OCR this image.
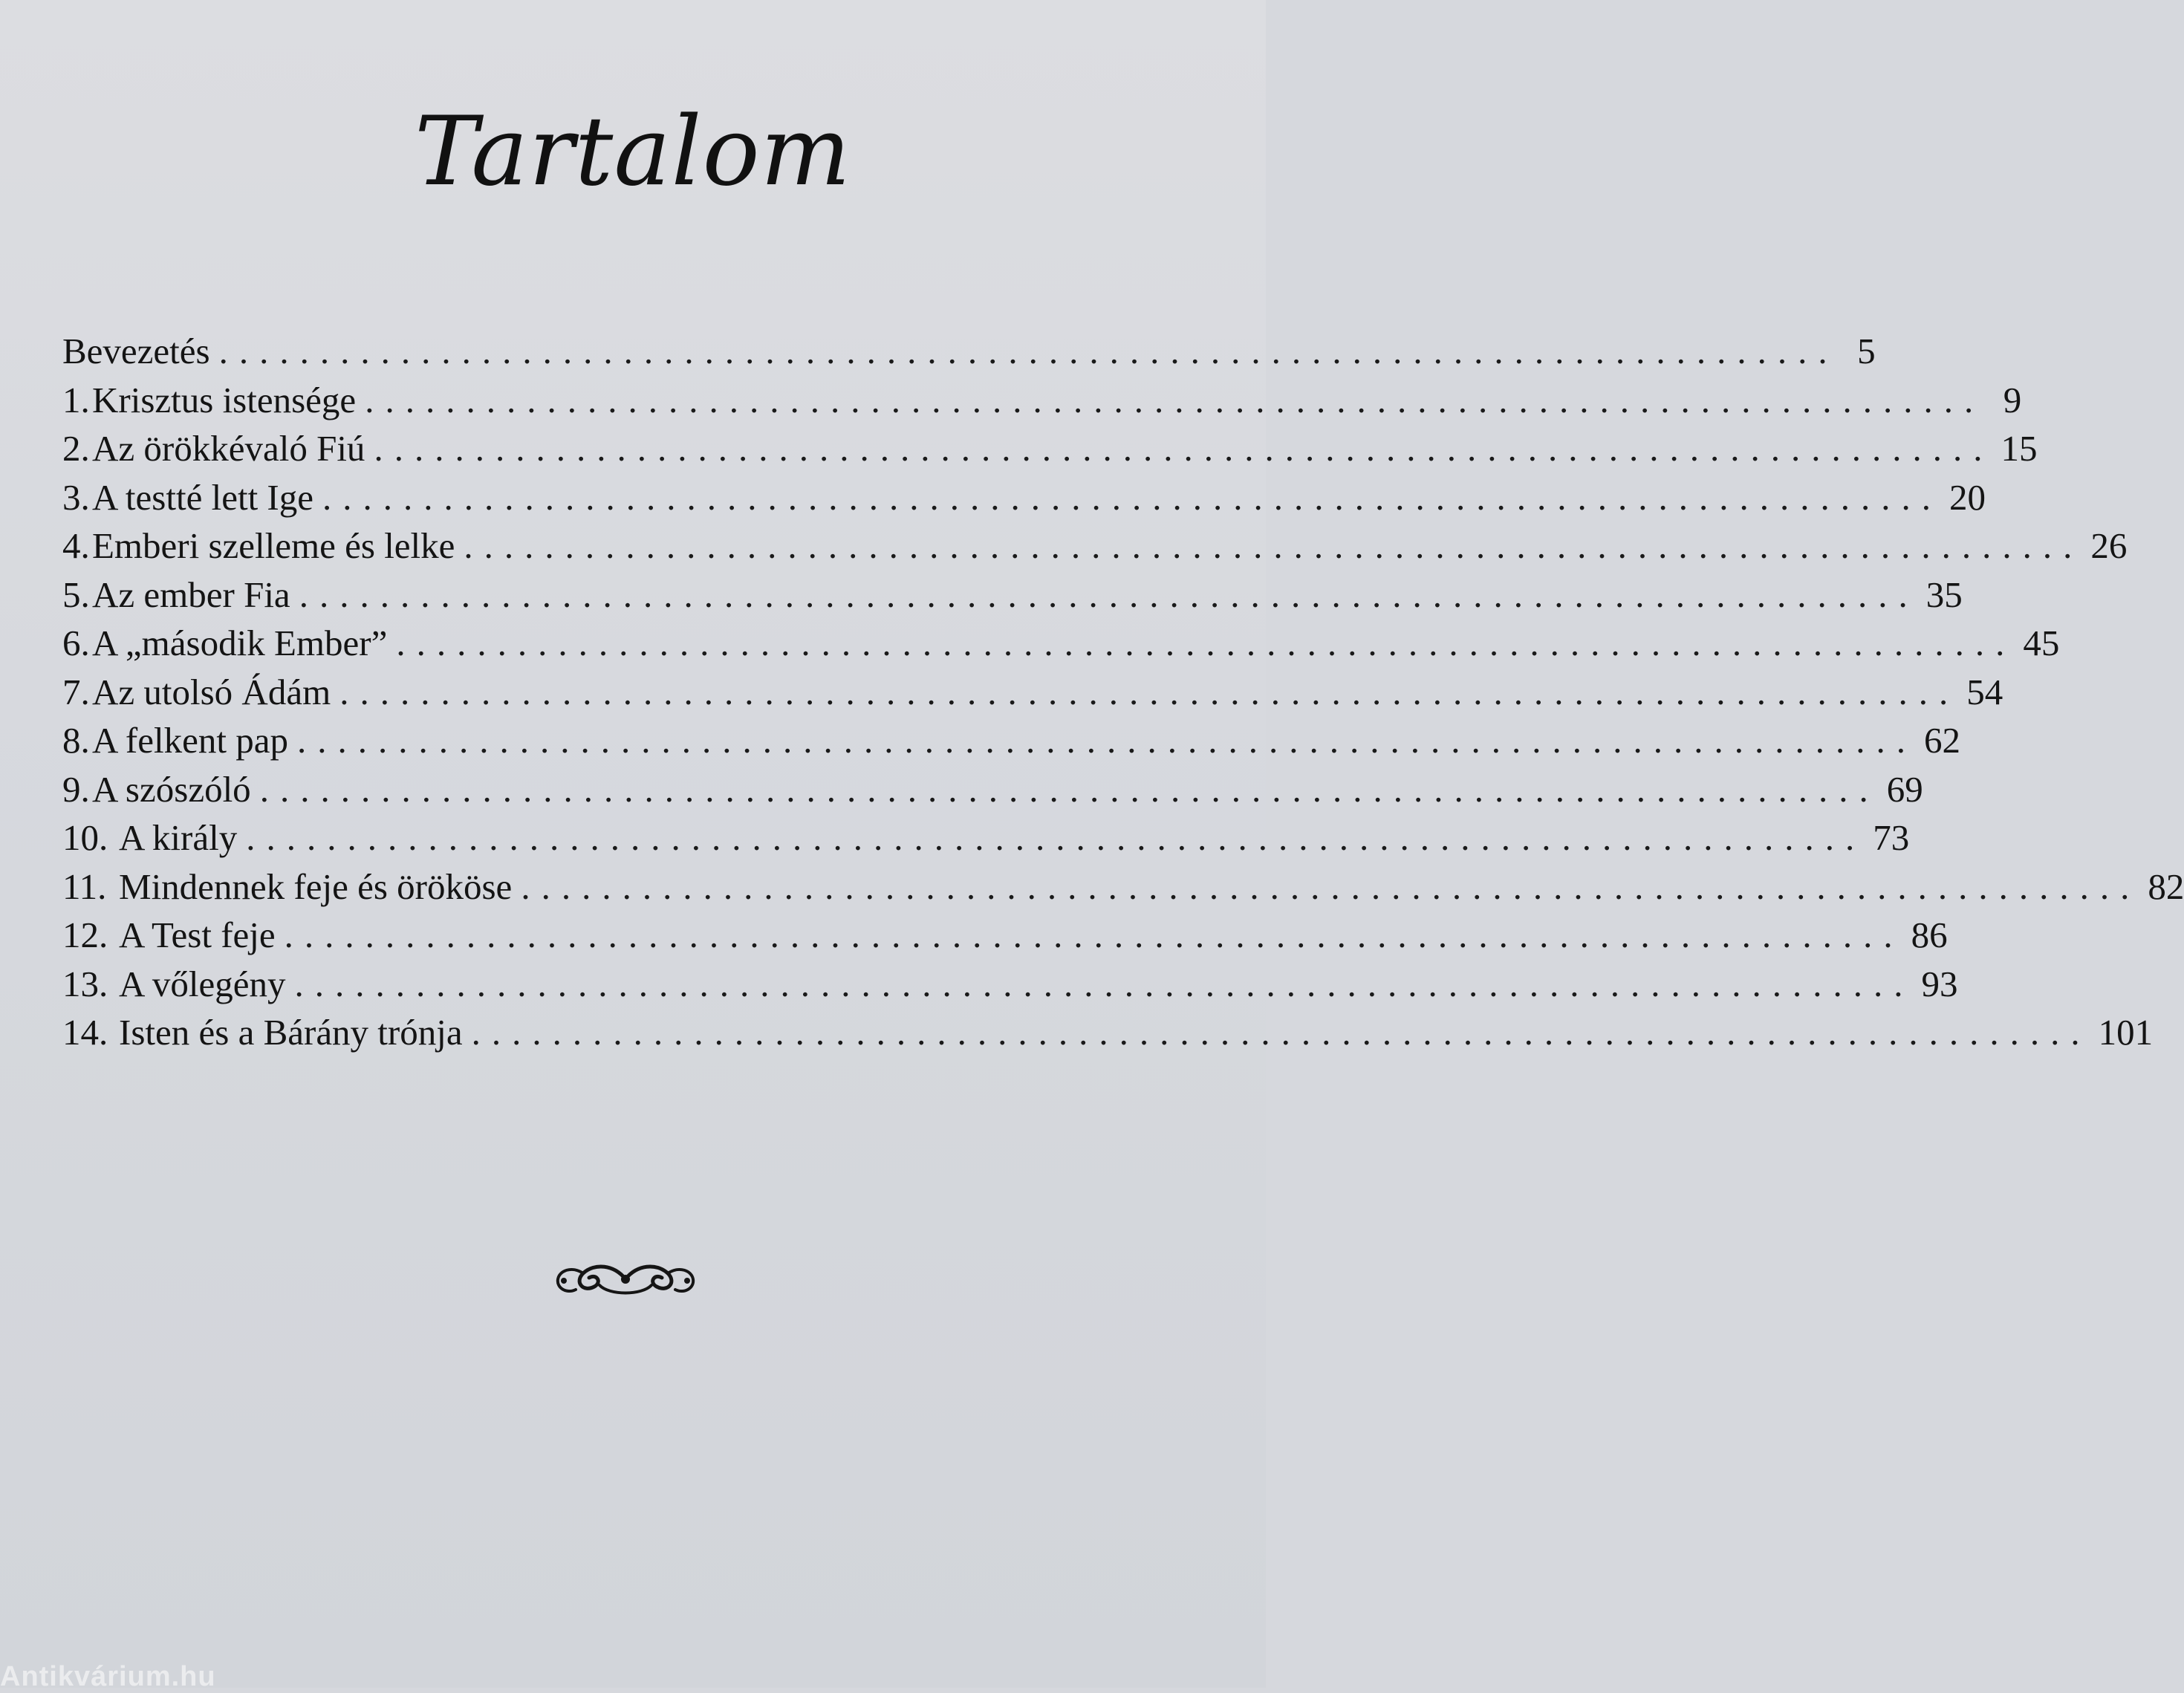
Tartalom
Bevezetés ................................................................................ 5
1. Krisztus istensége ................................................................................ 9
2. Az örökkévaló Fiú ................................................................................ 15
3. A testté lett Ige ................................................................................ 20
4. Emberi szelleme és lelke ................................................................................ 26
5. Az ember Fia ................................................................................ 35
6. A „második Ember” ................................................................................ 45
7. Az utolsó Ádám ................................................................................ 54
8. A felkent pap ................................................................................ 62
9. A szószóló ................................................................................ 69
10. A király ................................................................................ 73
11. Mindennek feje és örököse ................................................................................ 82
12. A Test feje ................................................................................ 86
13. A vőlegény ................................................................................ 93
14. Isten és a Bárány trónja ................................................................................ 101
Antikvárium.hu
